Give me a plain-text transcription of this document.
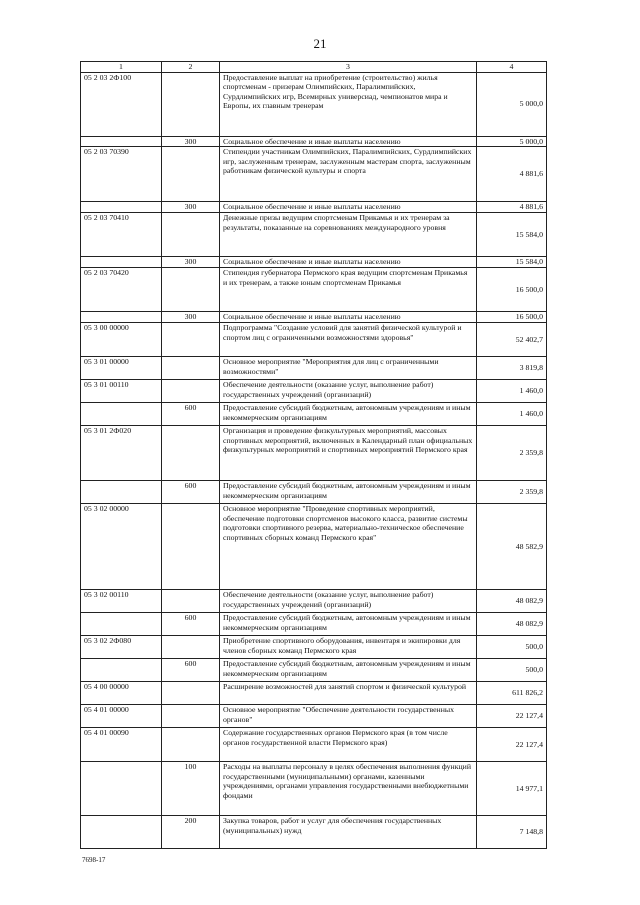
21
1	2	3	4
05 2 03 2Ф100		Предоставление выплат на приобретение (строительство) жилья спортсменам - призерам Олимпийских, Паралимпийских, Сурдлимпийских игр, Всемирных универсиад, чемпионатов мира и Европы, их главным тренерам	5 000,0
	300	Социальное обеспечение и иные выплаты населению	5 000,0
05 2 03 70390		Стипендии участникам Олимпийских, Паралимпийских, Сурдлимпийских игр, заслуженным тренерам, заслуженным мастерам спорта, заслуженным работникам физической культуры и спорта	4 881,6
	300	Социальное обеспечение и иные выплаты населению	4 881,6
05 2 03 70410		Денежные призы ведущим спортсменам Прикамья и их тренерам за результаты, показанные на соревнованиях международного уровня	15 584,0
	300	Социальное обеспечение и иные выплаты населению	15 584,0
05 2 03 70420		Стипендия губернатора Пермского края ведущим спортсменам Прикамья и их тренерам, а также юным спортсменам Прикамья	16 500,0
	300	Социальное обеспечение и иные выплаты населению	16 500,0
05 3 00 00000		Подпрограмма "Создание условий для занятий физической культурой и спортом лиц с ограниченными возможностями здоровья"	52 402,7
05 3 01 00000		Основное мероприятие "Мероприятия для лиц с ограниченными возможностями"	3 819,8
05 3 01 00110		Обеспечение деятельности (оказание услуг, выполнение работ) государственных учреждений (организаций)	1 460,0
	600	Предоставление субсидий бюджетным, автономным учреждениям и иным некоммерческим организациям	1 460,0
05 3 01 2Ф020		Организация и проведение физкультурных мероприятий, массовых спортивных мероприятий, включенных в Календарный план официальных физкультурных мероприятий и спортивных мероприятий Пермского края	2 359,8
	600	Предоставление субсидий бюджетным, автономным учреждениям и иным некоммерческим организациям	2 359,8
05 3 02 00000		Основное мероприятие "Проведение спортивных мероприятий, обеспечение подготовки спортсменов высокого класса, развитие системы подготовки спортивного резерва, материально-техническое обеспечение спортивных сборных команд Пермского края"	48 582,9
05 3 02 00110		Обеспечение деятельности (оказание услуг, выполнение работ) государственных учреждений (организаций)	48 082,9
	600	Предоставление субсидий бюджетным, автономным учреждениям и иным некоммерческим организациям	48 082,9
05 3 02 2Ф080		Приобретение спортивного оборудования, инвентаря и экипировки для членов сборных команд Пермского края	500,0
	600	Предоставление субсидий бюджетным, автономным учреждениям и иным некоммерческим организациям	500,0
05 4 00 00000		Расширение возможностей для занятий спортом и физической культурой	611 826,2
05 4 01 00000		Основное мероприятие "Обеспечение деятельности государственных органов"	22 127,4
05 4 01 00090		Содержание государственных органов Пермского края (в том числе органов государственной власти Пермского края)	22 127,4
	100	Расходы на выплаты персоналу в целях обеспечения выполнения функций государственными (муниципальными) органами, казенными учреждениями, органами управления государственными внебюджетными фондами	14 977,1
	200	Закупка товаров, работ и услуг для обеспечения государственных (муниципальных) нужд	7 148,8
7698-17
